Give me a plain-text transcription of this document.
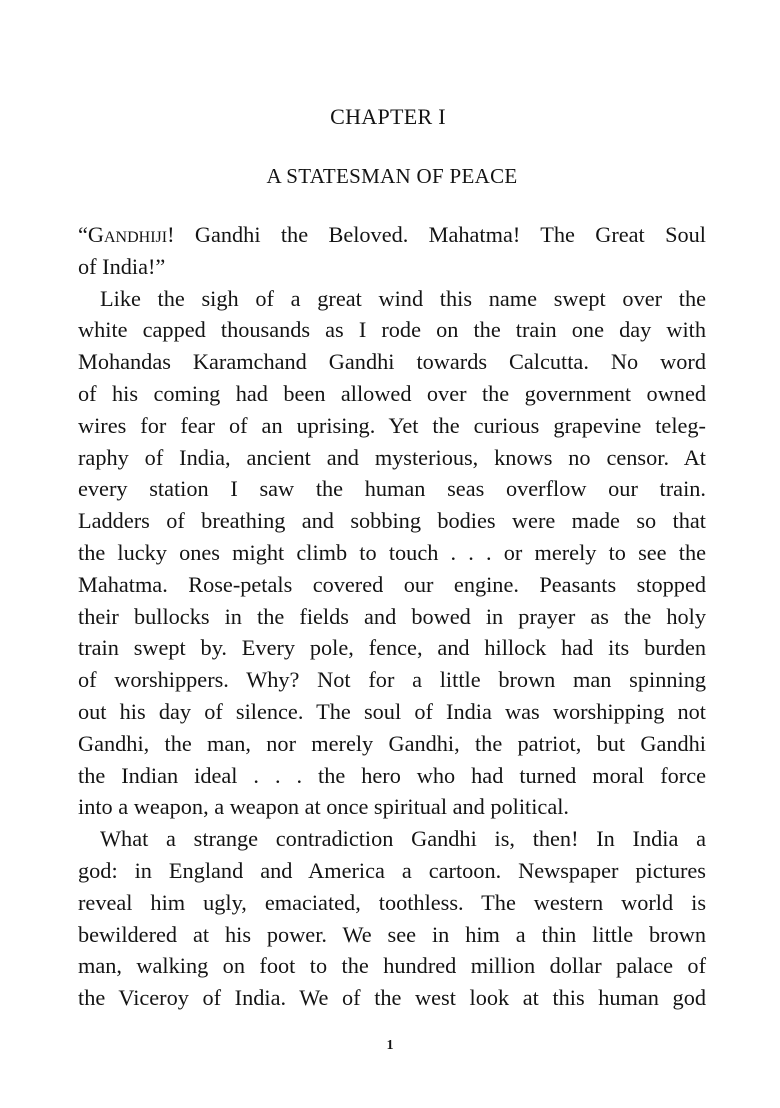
CHAPTER I
A STATESMAN OF PEACE
“Gandhiji! Gandhi the Beloved. Mahatma! The Great Soul
of India!”
Like the sigh of a great wind this name swept over the
white capped thousands as I rode on the train one day with
Mohandas Karamchand Gandhi towards Calcutta. No word
of his coming had been allowed over the government owned
wires for fear of an uprising. Yet the curious grapevine teleg-
raphy of India, ancient and mysterious, knows no censor. At
every station I saw the human seas overflow our train.
Ladders of breathing and sobbing bodies were made so that
the lucky ones might climb to touch . . . or merely to see the
Mahatma. Rose-petals covered our engine. Peasants stopped
their bullocks in the fields and bowed in prayer as the holy
train swept by. Every pole, fence, and hillock had its burden
of worshippers. Why? Not for a little brown man spinning
out his day of silence. The soul of India was worshipping not
Gandhi, the man, nor merely Gandhi, the patriot, but Gandhi
the Indian ideal . . . the hero who had turned moral force
into a weapon, a weapon at once spiritual and political.
What a strange contradiction Gandhi is, then! In India a
god: in England and America a cartoon. Newspaper pictures
reveal him ugly, emaciated, toothless. The western world is
bewildered at his power. We see in him a thin little brown
man, walking on foot to the hundred million dollar palace of
the Viceroy of India. We of the west look at this human god
1
